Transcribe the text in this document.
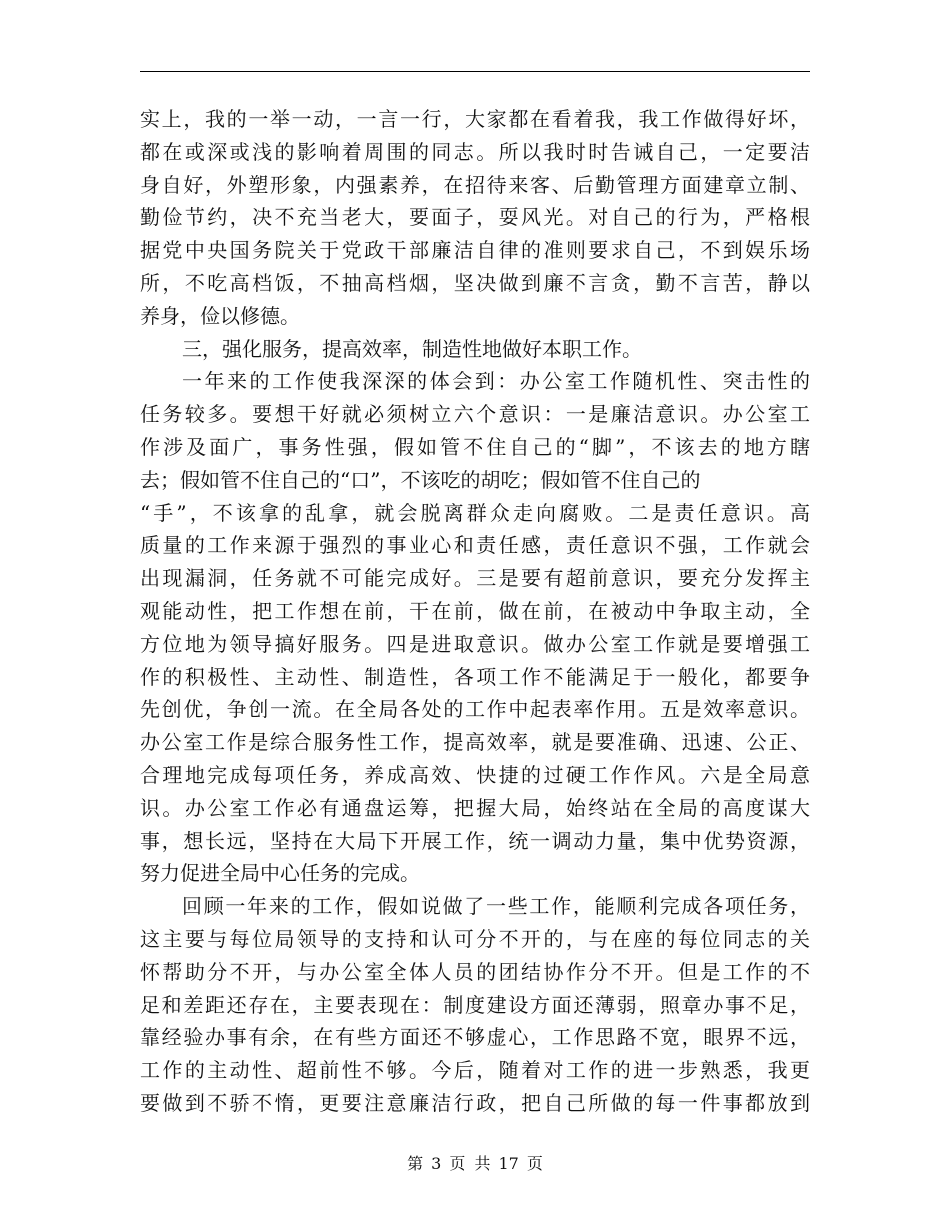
实上，我的一举一动，一言一行，大家都在看着我，我工作做得好坏，
都在或深或浅的影响着周围的同志。所以我时时告诫自己，一定要洁
身自好，外塑形象，内强素养，在招待来客、后勤管理方面建章立制、
勤俭节约，决不充当老大，要面子，耍风光。对自己的行为，严格根
据党中央国务院关于党政干部廉洁自律的准则要求自己，不到娱乐场
所，不吃高档饭，不抽高档烟，坚决做到廉不言贪，勤不言苦，静以
养身，俭以修德。
三，强化服务，提高效率，制造性地做好本职工作。
一年来的工作使我深深的体会到：办公室工作随机性、突击性的
任务较多。要想干好就必须树立六个意识：一是廉洁意识。办公室工
作涉及面广，事务性强，假如管不住自己的“脚”，不该去的地方瞎
去；假如管不住自己的“口”，不该吃的胡吃；假如管不住自己的
“手”，不该拿的乱拿，就会脱离群众走向腐败。二是责任意识。高
质量的工作来源于强烈的事业心和责任感，责任意识不强，工作就会
出现漏洞，任务就不可能完成好。三是要有超前意识，要充分发挥主
观能动性，把工作想在前，干在前，做在前，在被动中争取主动，全
方位地为领导搞好服务。四是进取意识。做办公室工作就是要增强工
作的积极性、主动性、制造性，各项工作不能满足于一般化，都要争
先创优，争创一流。在全局各处的工作中起表率作用。五是效率意识。
办公室工作是综合服务性工作，提高效率，就是要准确、迅速、公正、
合理地完成每项任务，养成高效、快捷的过硬工作作风。六是全局意
识。办公室工作必有通盘运筹，把握大局，始终站在全局的高度谋大
事，想长远，坚持在大局下开展工作，统一调动力量，集中优势资源，
努力促进全局中心任务的完成。
回顾一年来的工作，假如说做了一些工作，能顺利完成各项任务，
这主要与每位局领导的支持和认可分不开的，与在座的每位同志的关
怀帮助分不开，与办公室全体人员的团结协作分不开。但是工作的不
足和差距还存在，主要表现在：制度建设方面还薄弱，照章办事不足，
靠经验办事有余，在有些方面还不够虚心，工作思路不宽，眼界不远，
工作的主动性、超前性不够。今后，随着对工作的进一步熟悉，我更
要做到不骄不惰，更要注意廉洁行政，把自己所做的每一件事都放到
第 3 页 共 17 页
